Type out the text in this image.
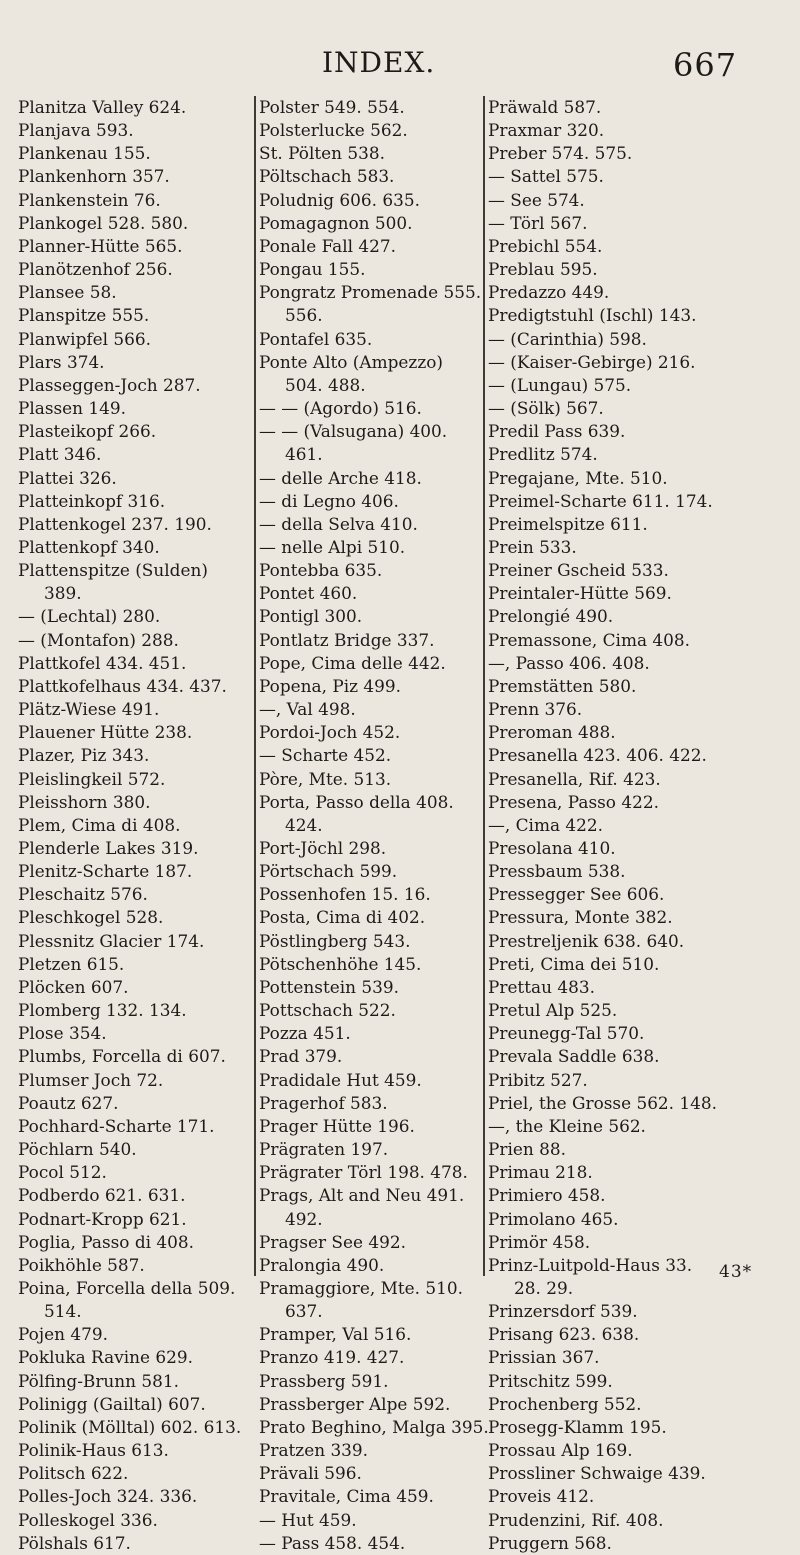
INDEX.	667
Planitza Valley 624.
Planjava 593.
Plankenau 155.
Plankenhorn 357.
Plankenstein 76.
Plankogel 528. 580.
Planner-Hütte 565.
Planötzenhof 256.
Plansee 58.
Planspitze 555.
Planwipfel 566.
Plars 374.
Plasseggen-Joch 287.
Plassen 149.
Plasteikopf 266.
Platt 346.
Plattei 326.
Platteinkopf 316.
Plattenkogel 237. 190.
Plattenkopf 340.
Plattenspitze (Sulden)
389.
— (Lechtal) 280.
— (Montafon) 288.
Plattkofel 434. 451.
Plattkofelhaus 434. 437.
Plätz-Wiese 491.
Plauener Hütte 238.
Plazer, Piz 343.
Pleislingkeil 572.
Pleisshorn 380.
Plem, Cima di 408.
Plenderle Lakes 319.
Plenitz-Scharte 187.
Pleschaitz 576.
Pleschkogel 528.
Plessnitz Glacier 174.
Pletzen 615.
Plöcken 607.
Plomberg 132. 134.
Plose 354.
Plumbs, Forcella di 607.
Plumser Joch 72.
Poautz 627.
Pochhard-Scharte 171.
Pöchlarn 540.
Pocol 512.
Podberdo 621. 631.
Podnart-Kropp 621.
Poglia, Passo di 408.
Poikhöhle 587.
Poina, Forcella della 509.
514.
Pojen 479.
Pokluka Ravine 629.
Pölfing-Brunn 581.
Polinigg (Gailtal) 607.
Polinik (Mölltal) 602. 613.
Polinik-Haus 613.
Politsch 622.
Polles-Joch 324. 336.
Polleskogel 336.
Pölshals 617.
Polster 549. 554.
Polsterlucke 562.
St. Pölten 538.
Pöltschach 583.
Poludnig 606. 635.
Pomagagnon 500.
Ponale Fall 427.
Pongau 155.
Pongratz Promenade 555.
556.
Pontafel 635.
Ponte Alto (Ampezzo)
504. 488.
— — (Agordo) 516.
— — (Valsugana) 400.
461.
— delle Arche 418.
— di Legno 406.
— della Selva 410.
— nelle Alpi 510.
Pontebba 635.
Pontet 460.
Pontigl 300.
Pontlatz Bridge 337.
Pope, Cima delle 442.
Popena, Piz 499.
—, Val 498.
Pordoi-Joch 452.
— Scharte 452.
Pòre, Mte. 513.
Porta, Passo della 408.
424.
Port-Jöchl 298.
Pörtschach 599.
Possenhofen 15. 16.
Posta, Cima di 402.
Pöstlingberg 543.
Pötschenhöhe 145.
Pottenstein 539.
Pottschach 522.
Pozza 451.
Prad 379.
Pradidale Hut 459.
Pragerhof 583.
Prager Hütte 196.
Prägraten 197.
Prägrater Törl 198. 478.
Prags, Alt and Neu 491.
492.
Pragser See 492.
Pralongia 490.
Pramaggiore, Mte. 510.
637.
Pramper, Val 516.
Pranzo 419. 427.
Prassberg 591.
Prassberger Alpe 592.
Prato Beghino, Malga 395.
Pratzen 339.
Prävali 596.
Pravitale, Cima 459.
— Hut 459.
— Pass 458. 454.
Präwald 587.
Praxmar 320.
Preber 574. 575.
— Sattel 575.
— See 574.
— Törl 567.
Prebichl 554.
Preblau 595.
Predazzo 449.
Predigtstuhl (Ischl) 143.
— (Carinthia) 598.
— (Kaiser-Gebirge) 216.
— (Lungau) 575.
— (Sölk) 567.
Predil Pass 639.
Predlitz 574.
Pregajane, Mte. 510.
Preimel-Scharte 611. 174.
Preimelspitze 611.
Prein 533.
Preiner Gscheid 533.
Preintaler-Hütte 569.
Prelongié 490.
Premassone, Cima 408.
—, Passo 406. 408.
Premstätten 580.
Prenn 376.
Preroman 488.
Presanella 423. 406. 422.
Presanella, Rif. 423.
Presena, Passo 422.
—, Cima 422.
Presolana 410.
Pressbaum 538.
Pressegger See 606.
Pressura, Monte 382.
Prestreljenik 638. 640.
Preti, Cima dei 510.
Prettau 483.
Pretul Alp 525.
Preunegg-Tal 570.
Prevala Saddle 638.
Pribitz 527.
Priel, the Grosse 562. 148.
—, the Kleine 562.
Prien 88.
Primau 218.
Primiero 458.
Primolano 465.
Primör 458.
Prinz-Luitpold-Haus 33.
28. 29.
Prinzersdorf 539.
Prisang 623. 638.
Prissian 367.
Pritschitz 599.
Prochenberg 552.
Prosegg-Klamm 195.
Prossau Alp 169.
Prossliner Schwaige 439.
Proveis 412.
Prudenzini, Rif. 408.
Pruggern 568.
43*
